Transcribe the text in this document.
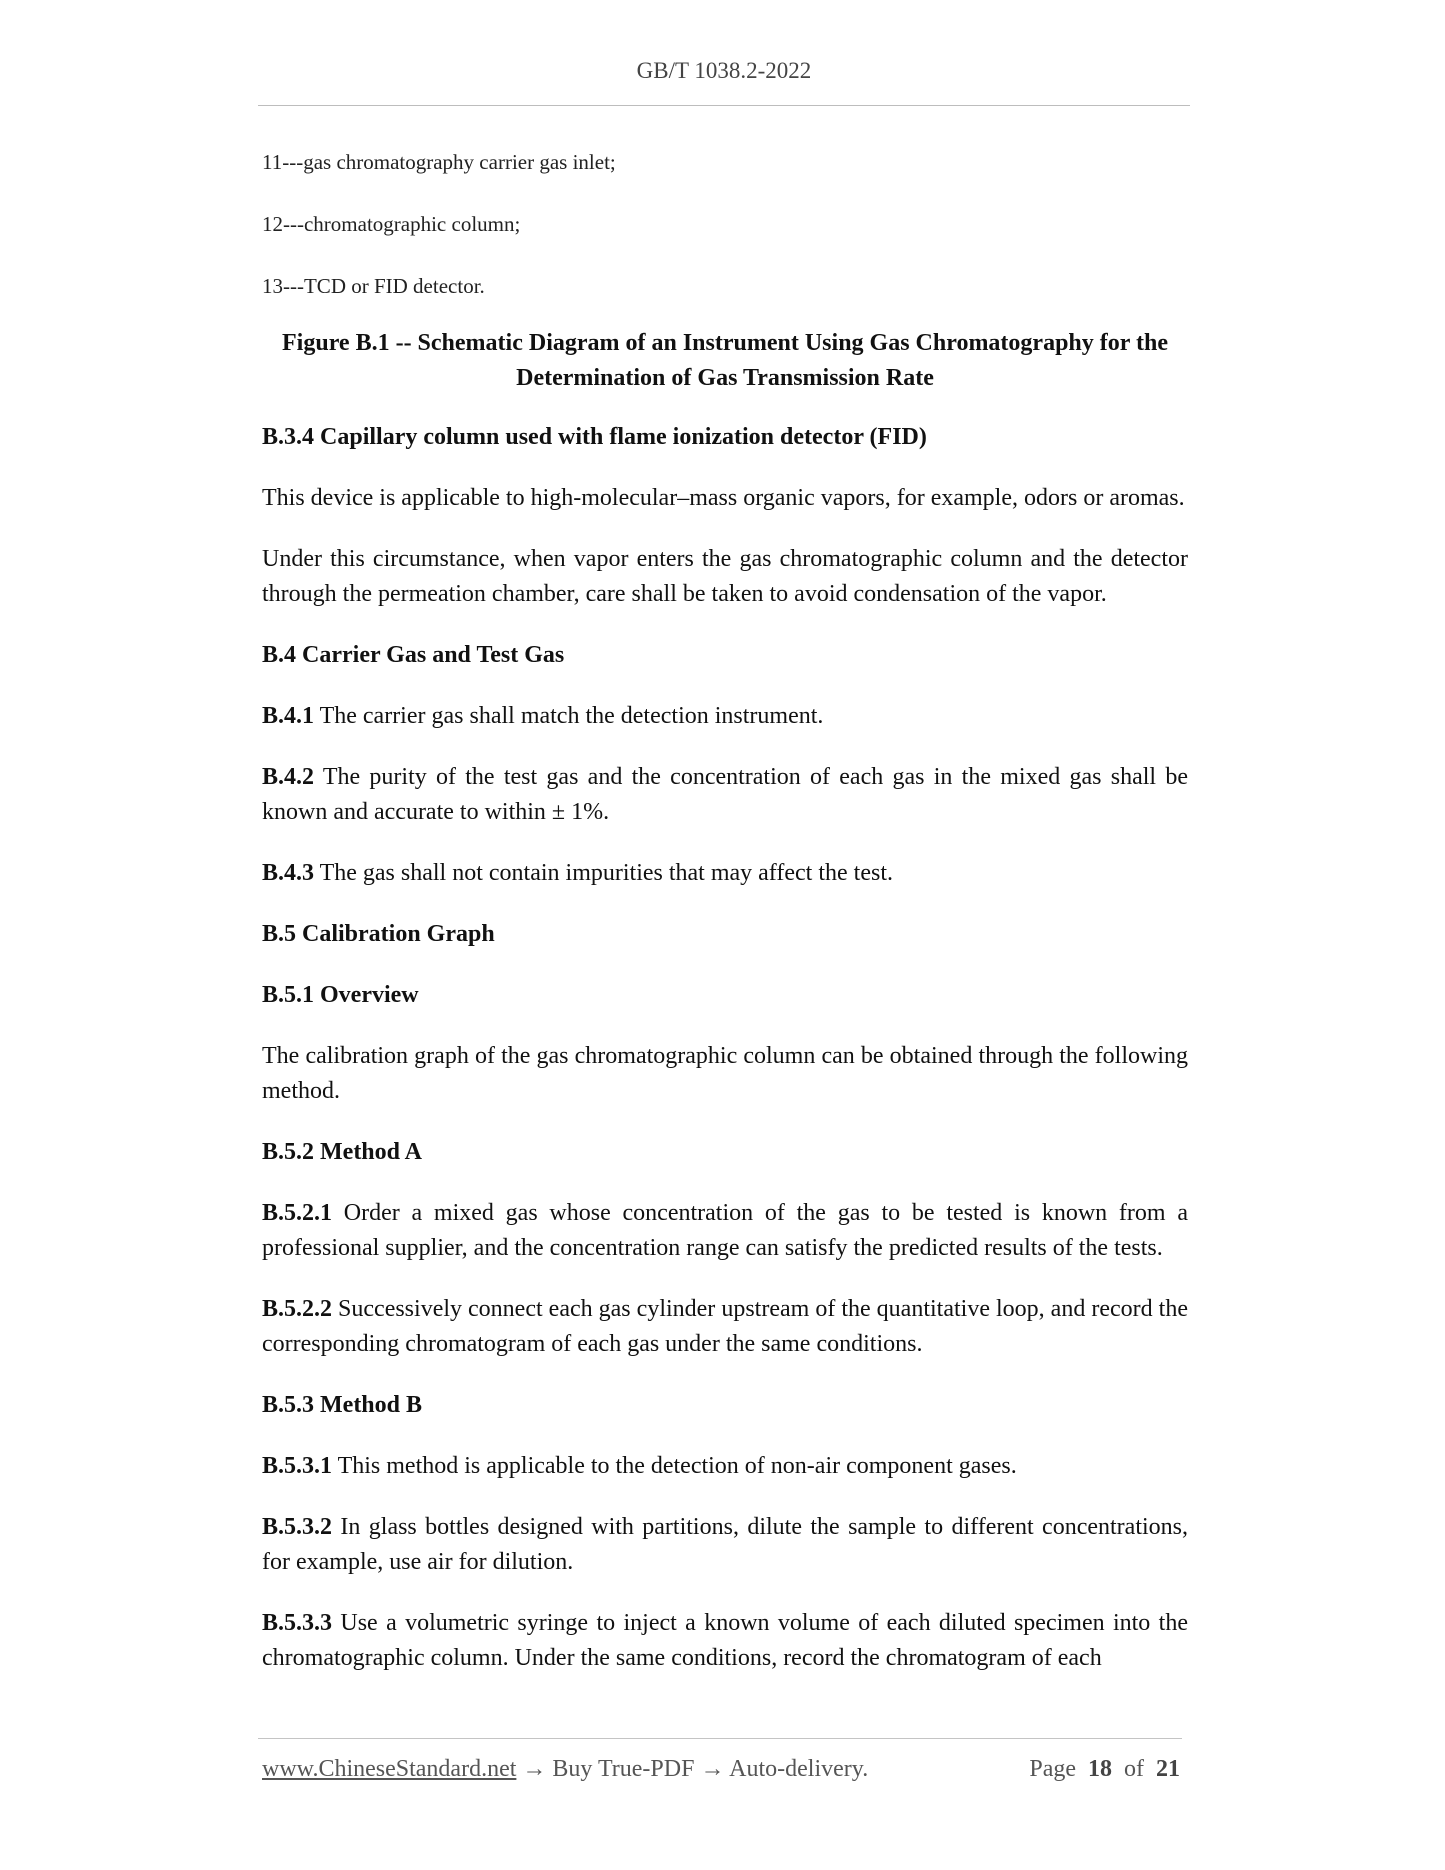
GB/T 1038.2-2022

11---gas chromatography carrier gas inlet;

12---chromatographic column;

13---TCD or FID detector.

Figure B.1 -- Schematic Diagram of an Instrument Using Gas Chromatography for the
Determination of Gas Transmission Rate

B.3.4 Capillary column used with flame ionization detector (FID)

This device is applicable to high-molecular–mass organic vapors, for example, odors or aromas.

Under this circumstance, when vapor enters the gas chromatographic column and the detector through the permeation chamber, care shall be taken to avoid condensation of the vapor.

B.4 Carrier Gas and Test Gas

B.4.1 The carrier gas shall match the detection instrument.

B.4.2 The purity of the test gas and the concentration of each gas in the mixed gas shall be known and accurate to within ± 1%.

B.4.3 The gas shall not contain impurities that may affect the test.

B.5 Calibration Graph

B.5.1 Overview

The calibration graph of the gas chromatographic column can be obtained through the following method.

B.5.2 Method A

B.5.2.1 Order a mixed gas whose concentration of the gas to be tested is known from a professional supplier, and the concentration range can satisfy the predicted results of the tests.

B.5.2.2 Successively connect each gas cylinder upstream of the quantitative loop, and record the corresponding chromatogram of each gas under the same conditions.

B.5.3 Method B

B.5.3.1 This method is applicable to the detection of non-air component gases.

B.5.3.2 In glass bottles designed with partitions, dilute the sample to different concentrations, for example, use air for dilution.

B.5.3.3 Use a volumetric syringe to inject a known volume of each diluted specimen into the chromatographic column. Under the same conditions, record the chromatogram of each

www.ChineseStandard.net → Buy True-PDF → Auto-delivery.	Page 18 of 21
